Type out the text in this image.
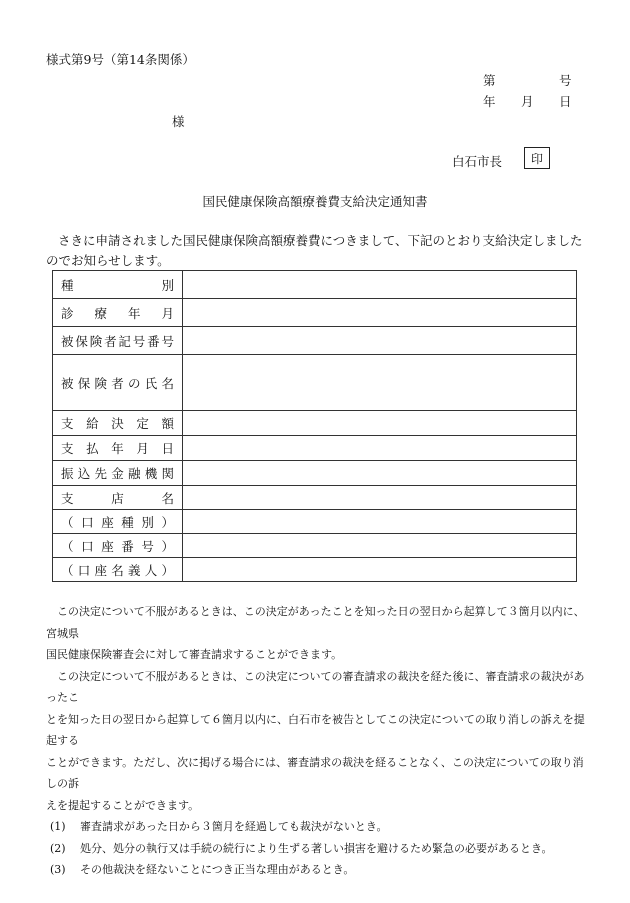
様式第9号（第14条関係）
第	号
年 月 日
様
白石市長	印
国民健康保険高額療養費支給決定通知書
さきに申請されました国民健康保険高額療養費につきまして、下記のとおり支給決定しました
のでお知らせします。
種別	
診療年月	
被保険者記号番号	
被保険者の氏名	
支給決定額	
支払年月日	
振込先金融機関	
支店名	
（口座種別）	
（口座番号）	
（口座名義人）	

この決定について不服があるときは、この決定があったことを知った日の翌日から起算して３箇月以内に、宮城県

国民健康保険審査会に対して審査請求することができます。

この決定について不服があるときは、この決定についての審査請求の裁決を経た後に、審査請求の裁決があったこ

とを知った日の翌日から起算して６箇月以内に、白石市を被告としてこの決定についての取り消しの訴えを提起する

ことができます。ただし、次に掲げる場合には、審査請求の裁決を経ることなく、この決定についての取り消しの訴

えを提起することができます。

(1) 審査請求があった日から３箇月を経過しても裁決がないとき。

(2) 処分、処分の執行又は手続の続行により生ずる著しい損害を避けるため緊急の必要があるとき。

(3) その他裁決を経ないことにつき正当な理由があるとき。
